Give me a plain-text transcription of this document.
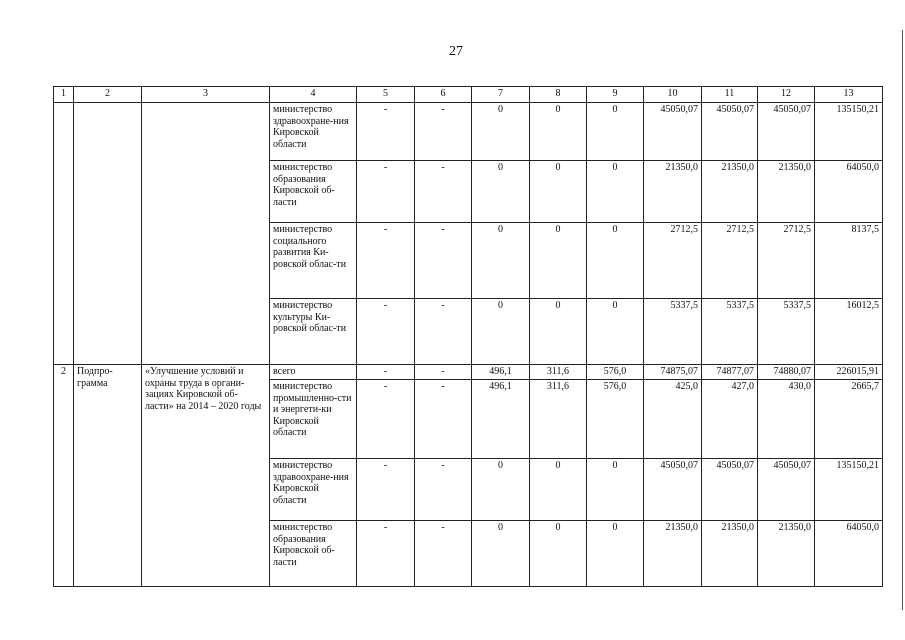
27
1	2	3	4	5	6	7	8	9	10	11	12	13
			министерство здравоохране-ния Кировской области	-	-	0	0	0	45050,07	45050,07	45050,07	135150,21
			министерство образования Кировской об-ласти	-	-	0	0	0	21350,0	21350,0	21350,0	64050,0
			министерство социального развития Ки-ровской облас-ти	-	-	0	0	0	2712,5	2712,5	2712,5	8137,5
			министерство культуры Ки-ровской облас-ти	-	-	0	0	0	5337,5	5337,5	5337,5	16012,5
2	Подпро-грамма	«Улучшение условий и охраны труда в органи-зациях Кировской об-ласти» на 2014 – 2020 годы	всего	-	-	496,1	311,6	576,0	74875,07	74877,07	74880,07	226015,91
			министерство промышленно-сти и энергети-ки Кировской области	-	-	496,1	311,6	576,0	425,0	427,0	430,0	2665,7
			министерство здравоохране-ния Кировской области	-	-	0	0	0	45050,07	45050,07	45050,07	135150,21
			министерство образования Кировской об-ласти	-	-	0	0	0	21350,0	21350,0	21350,0	64050,0
